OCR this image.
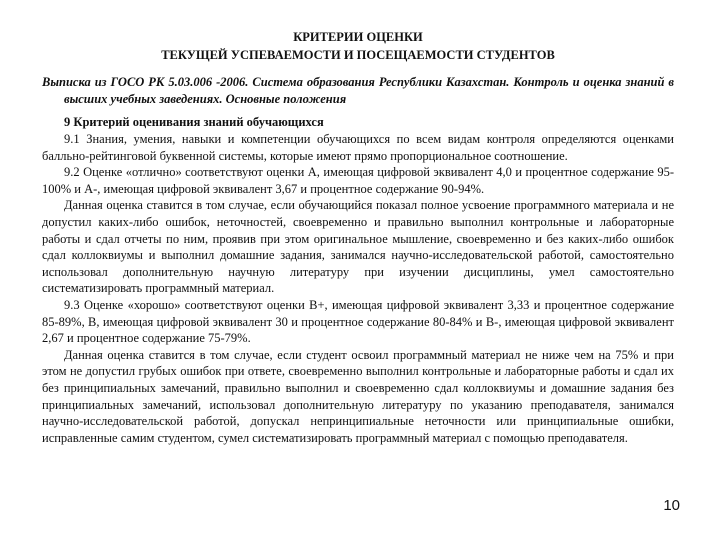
КРИТЕРИИ ОЦЕНКИ

ТЕКУЩЕЙ УСПЕВАЕМОСТИ И ПОСЕЩАЕМОСТИ СТУДЕНТОВ

Выписка из ГОСО РК 5.03.006 -2006. Система образования Республики Казахстан. Контроль и оценка знаний в высших учебных заведениях. Основные положения

9 Критерий оценивания знаний обучающихся

9.1 Знания, умения, навыки и компетенции обучающихся по всем видам контроля определяются оценками балльно-рейтинговой буквенной системы, которые имеют прямо пропорциональное соотношение.

9.2 Оценке «отлично» соответствуют оценки А, имеющая цифровой эквивалент 4,0 и процентное содержание 95-100% и А-, имеющая цифровой эквивалент 3,67 и процентное содержание 90-94%.

Данная оценка ставится в том случае, если обучающийся показал полное усвоение программного материала и не допустил каких-либо ошибок, неточностей, своевременно и правильно выполнил контрольные и лабораторные работы и сдал отчеты по ним, проявив при этом оригинальное мышление, своевременно и без каких-либо ошибок сдал коллоквиумы и выполнил домашние задания, занимался научно-исследовательской работой, самостоятельно использовал дополнительную научную литературу при изучении дисциплины, умел самостоятельно систематизировать программный материал.

9.3 Оценке «хорошо» соответствуют оценки В+, имеющая цифровой эквивалент 3,33 и процентное содержание 85-89%, В, имеющая цифровой эквивалент 30 и процентное содержание 80-84% и В-, имеющая цифровой эквивалент 2,67 и процентное содержание 75-79%.

Данная оценка ставится в том случае, если студент освоил программный материал не ниже чем на 75% и при этом не допустил грубых ошибок при ответе, своевременно выполнил контрольные и лабораторные работы и сдал их без принципиальных замечаний, правильно выполнил и своевременно сдал коллоквиумы и домашние задания без принципиальных замечаний, использовал дополнительную литературу по указанию преподавателя, занимался научно-исследовательской работой, допускал непринципиальные неточности или принципиальные ошибки, исправленные самим студентом, сумел систематизировать программный материал с помощью преподавателя.

10
